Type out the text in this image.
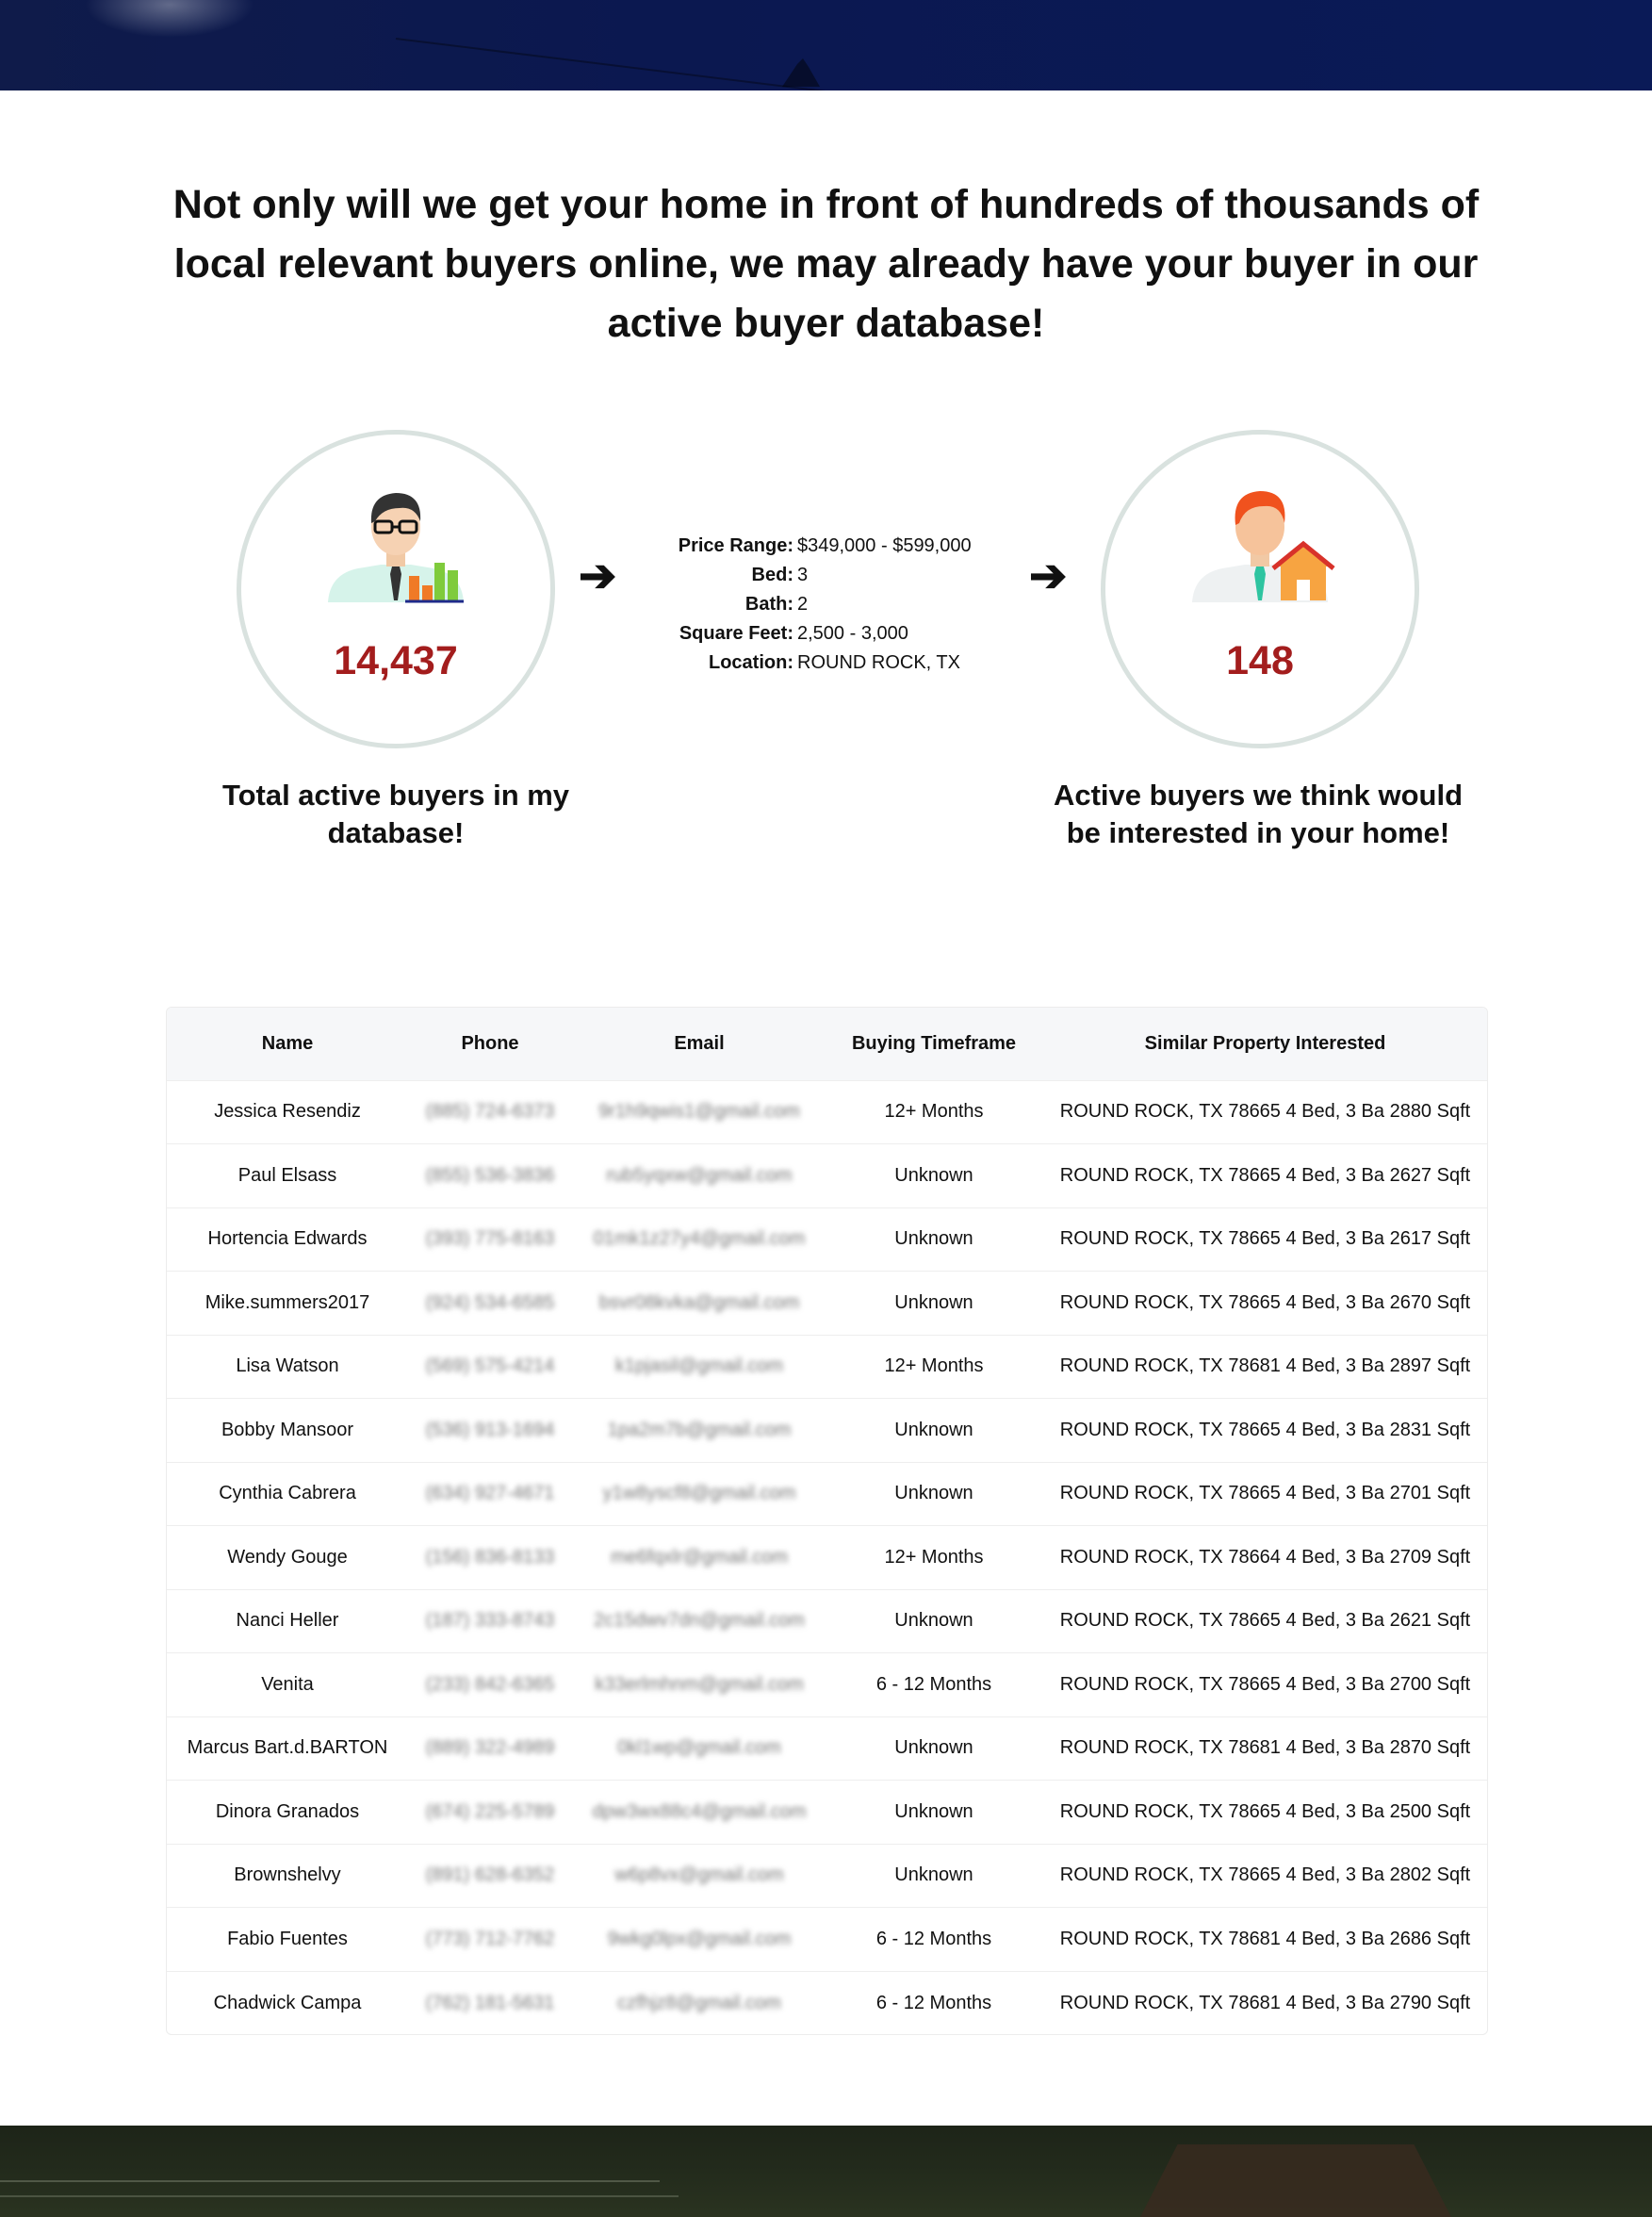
Not only will we get your home in front of hundreds of thousands of local relevant buyers online, we may already have your buyer in our active buyer database!
14,437
Total active buyers in my database!
➔
Price Range: $349,000 - $599,000
Bed: 3
Bath: 2
Square Feet: 2,500 - 3,000
Location: ROUND ROCK, TX
➔
148
Active buyers we think would be interested in your home!
Name	Phone	Email	Buying Timeframe	Similar Property Interested
Jessica Resendiz	(885) 724-6373	9r1h9qwis1@gmail.com	12+ Months	ROUND ROCK, TX 78665 4 Bed, 3 Ba 2880 Sqft
Paul Elsass	(855) 536-3836	rub5yqxw@gmail.com	Unknown	ROUND ROCK, TX 78665 4 Bed, 3 Ba 2627 Sqft
Hortencia Edwards	(393) 775-8163	01mk1z27y4@gmail.com	Unknown	ROUND ROCK, TX 78665 4 Bed, 3 Ba 2617 Sqft
Mike.summers2017	(924) 534-6585	bsvr08kvka@gmail.com	Unknown	ROUND ROCK, TX 78665 4 Bed, 3 Ba 2670 Sqft
Lisa Watson	(569) 575-4214	k1pjasil@gmail.com	12+ Months	ROUND ROCK, TX 78681 4 Bed, 3 Ba 2897 Sqft
Bobby Mansoor	(536) 913-1694	1pa2m7b@gmail.com	Unknown	ROUND ROCK, TX 78665 4 Bed, 3 Ba 2831 Sqft
Cynthia Cabrera	(634) 927-4671	y1w8yscf8@gmail.com	Unknown	ROUND ROCK, TX 78665 4 Bed, 3 Ba 2701 Sqft
Wendy Gouge	(156) 836-8133	me6fqxlr@gmail.com	12+ Months	ROUND ROCK, TX 78664 4 Bed, 3 Ba 2709 Sqft
Nanci Heller	(187) 333-8743	2c15dwv7dn@gmail.com	Unknown	ROUND ROCK, TX 78665 4 Bed, 3 Ba 2621 Sqft
Venita	(233) 842-6365	k33erlmhnm@gmail.com	6 - 12 Months	ROUND ROCK, TX 78665 4 Bed, 3 Ba 2700 Sqft
Marcus Bart.d.BARTON	(889) 322-4989	0kl1wp@gmail.com	Unknown	ROUND ROCK, TX 78681 4 Bed, 3 Ba 2870 Sqft
Dinora Granados	(674) 225-5789	dpw3wx88c4@gmail.com	Unknown	ROUND ROCK, TX 78665 4 Bed, 3 Ba 2500 Sqft
Brownshelvy	(891) 628-6352	w6p8vx@gmail.com	Unknown	ROUND ROCK, TX 78665 4 Bed, 3 Ba 2802 Sqft
Fabio Fuentes	(773) 712-7762	9wkg0lpx@gmail.com	6 - 12 Months	ROUND ROCK, TX 78681 4 Bed, 3 Ba 2686 Sqft
Chadwick Campa	(762) 181-5631	czfhjz8@gmail.com	6 - 12 Months	ROUND ROCK, TX 78681 4 Bed, 3 Ba 2790 Sqft
